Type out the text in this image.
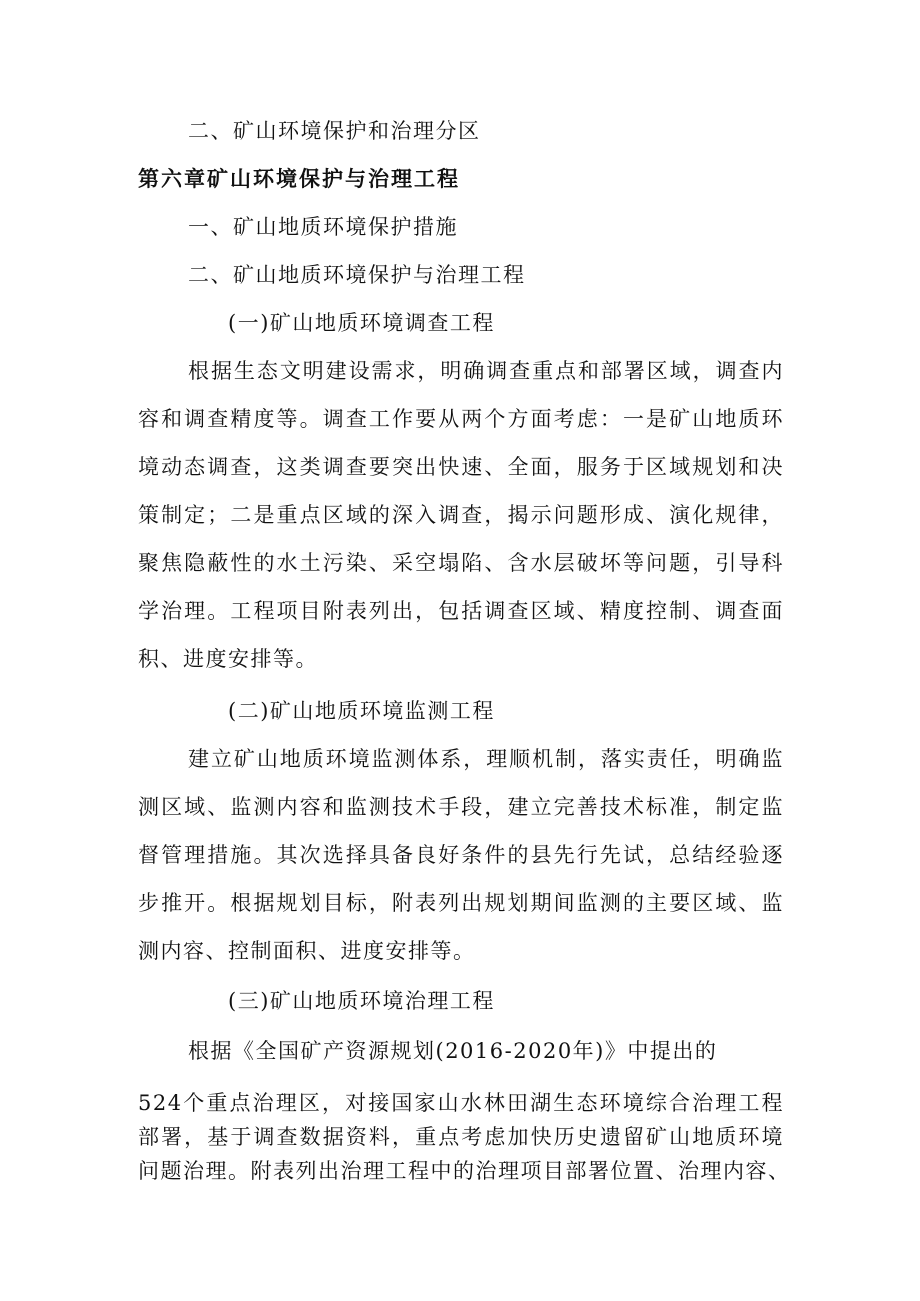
二、矿山环境保护和治理分区
第六章矿山环境保护与治理工程
一、矿山地质环境保护措施
二、矿山地质环境保护与治理工程
(一)矿山地质环境调查工程
根据生态文明建设需求，明确调查重点和部署区域，调查内
容和调查精度等。调查工作要从两个方面考虑：一是矿山地质环
境动态调查，这类调查要突出快速、全面，服务于区域规划和决
策制定；二是重点区域的深入调查，揭示问题形成、演化规律，
聚焦隐蔽性的水土污染、采空塌陷、含水层破坏等问题，引导科
学治理。工程项目附表列出，包括调查区域、精度控制、调查面
积、进度安排等。
(二)矿山地质环境监测工程
建立矿山地质环境监测体系，理顺机制，落实责任，明确监
测区域、监测内容和监测技术手段，建立完善技术标准，制定监
督管理措施。其次选择具备良好条件的县先行先试，总结经验逐
步推开。根据规划目标，附表列出规划期间监测的主要区域、监
测内容、控制面积、进度安排等。
(三)矿山地质环境治理工程
根据《全国矿产资源规划(2016-2020年)》中提出的
524个重点治理区，对接国家山水林田湖生态环境综合治理工程
部署，基于调查数据资料，重点考虑加快历史遗留矿山地质环境
问题治理。附表列出治理工程中的治理项目部署位置、治理内容、
